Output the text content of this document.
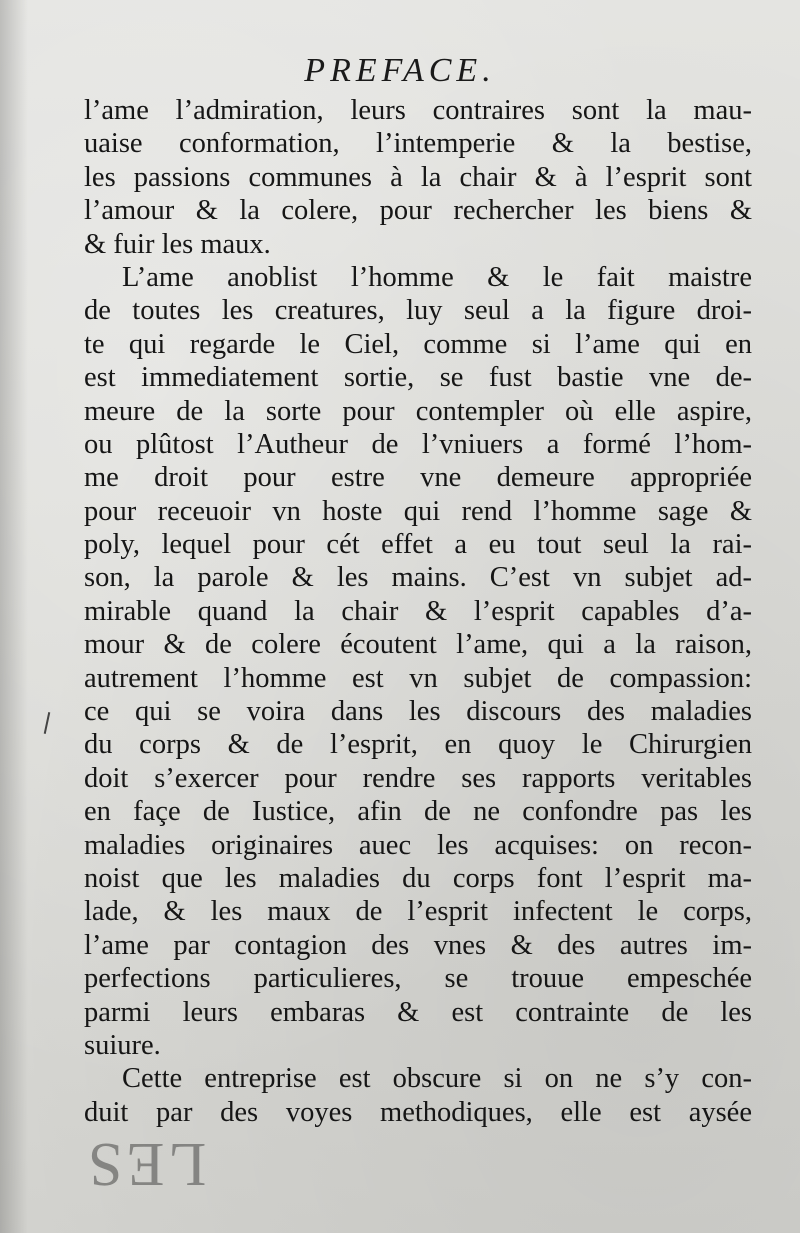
PREFACE.
l’ame l’admiration, leurs contraires sont la mau-
uaise conformation, l’intemperie & la bestise,
les passions communes à la chair & à l’esprit sont
l’amour & la colere, pour rechercher les biens &
& fuir les maux.
L’ame anoblist l’homme & le fait maistre
de toutes les creatures, luy seul a la figure droi-
te qui regarde le Ciel, comme si l’ame qui en
est immediatement sortie, se fust bastie vne de-
meure de la sorte pour contempler où elle aspire,
ou plûtost l’Autheur de l’vniuers a formé l’hom-
me droit pour estre vne demeure appropriée
pour receuoir vn hoste qui rend l’homme sage &
poly, lequel pour cét effet a eu tout seul la rai-
son, la parole & les mains. C’est vn subjet ad-
mirable quand la chair & l’esprit capables d’a-
mour & de colere écoutent l’ame, qui a la raison,
autrement l’homme est vn subjet de compassion:
ce qui se voira dans les discours des maladies
du corps & de l’esprit, en quoy le Chirurgien
doit s’exercer pour rendre ses rapports veritables
en façe de Iustice, afin de ne confondre pas les
maladies originaires auec les acquises: on recon-
noist que les maladies du corps font l’esprit ma-
lade, & les maux de l’esprit infectent le corps,
l’ame par contagion des vnes & des autres im-
perfections particulieres, se trouue empeschée
parmi leurs embaras & est contrainte de les
suiure.
Cette entreprise est obscure si on ne s’y con-
duit par des voyes methodiques, elle est aysée
LES
